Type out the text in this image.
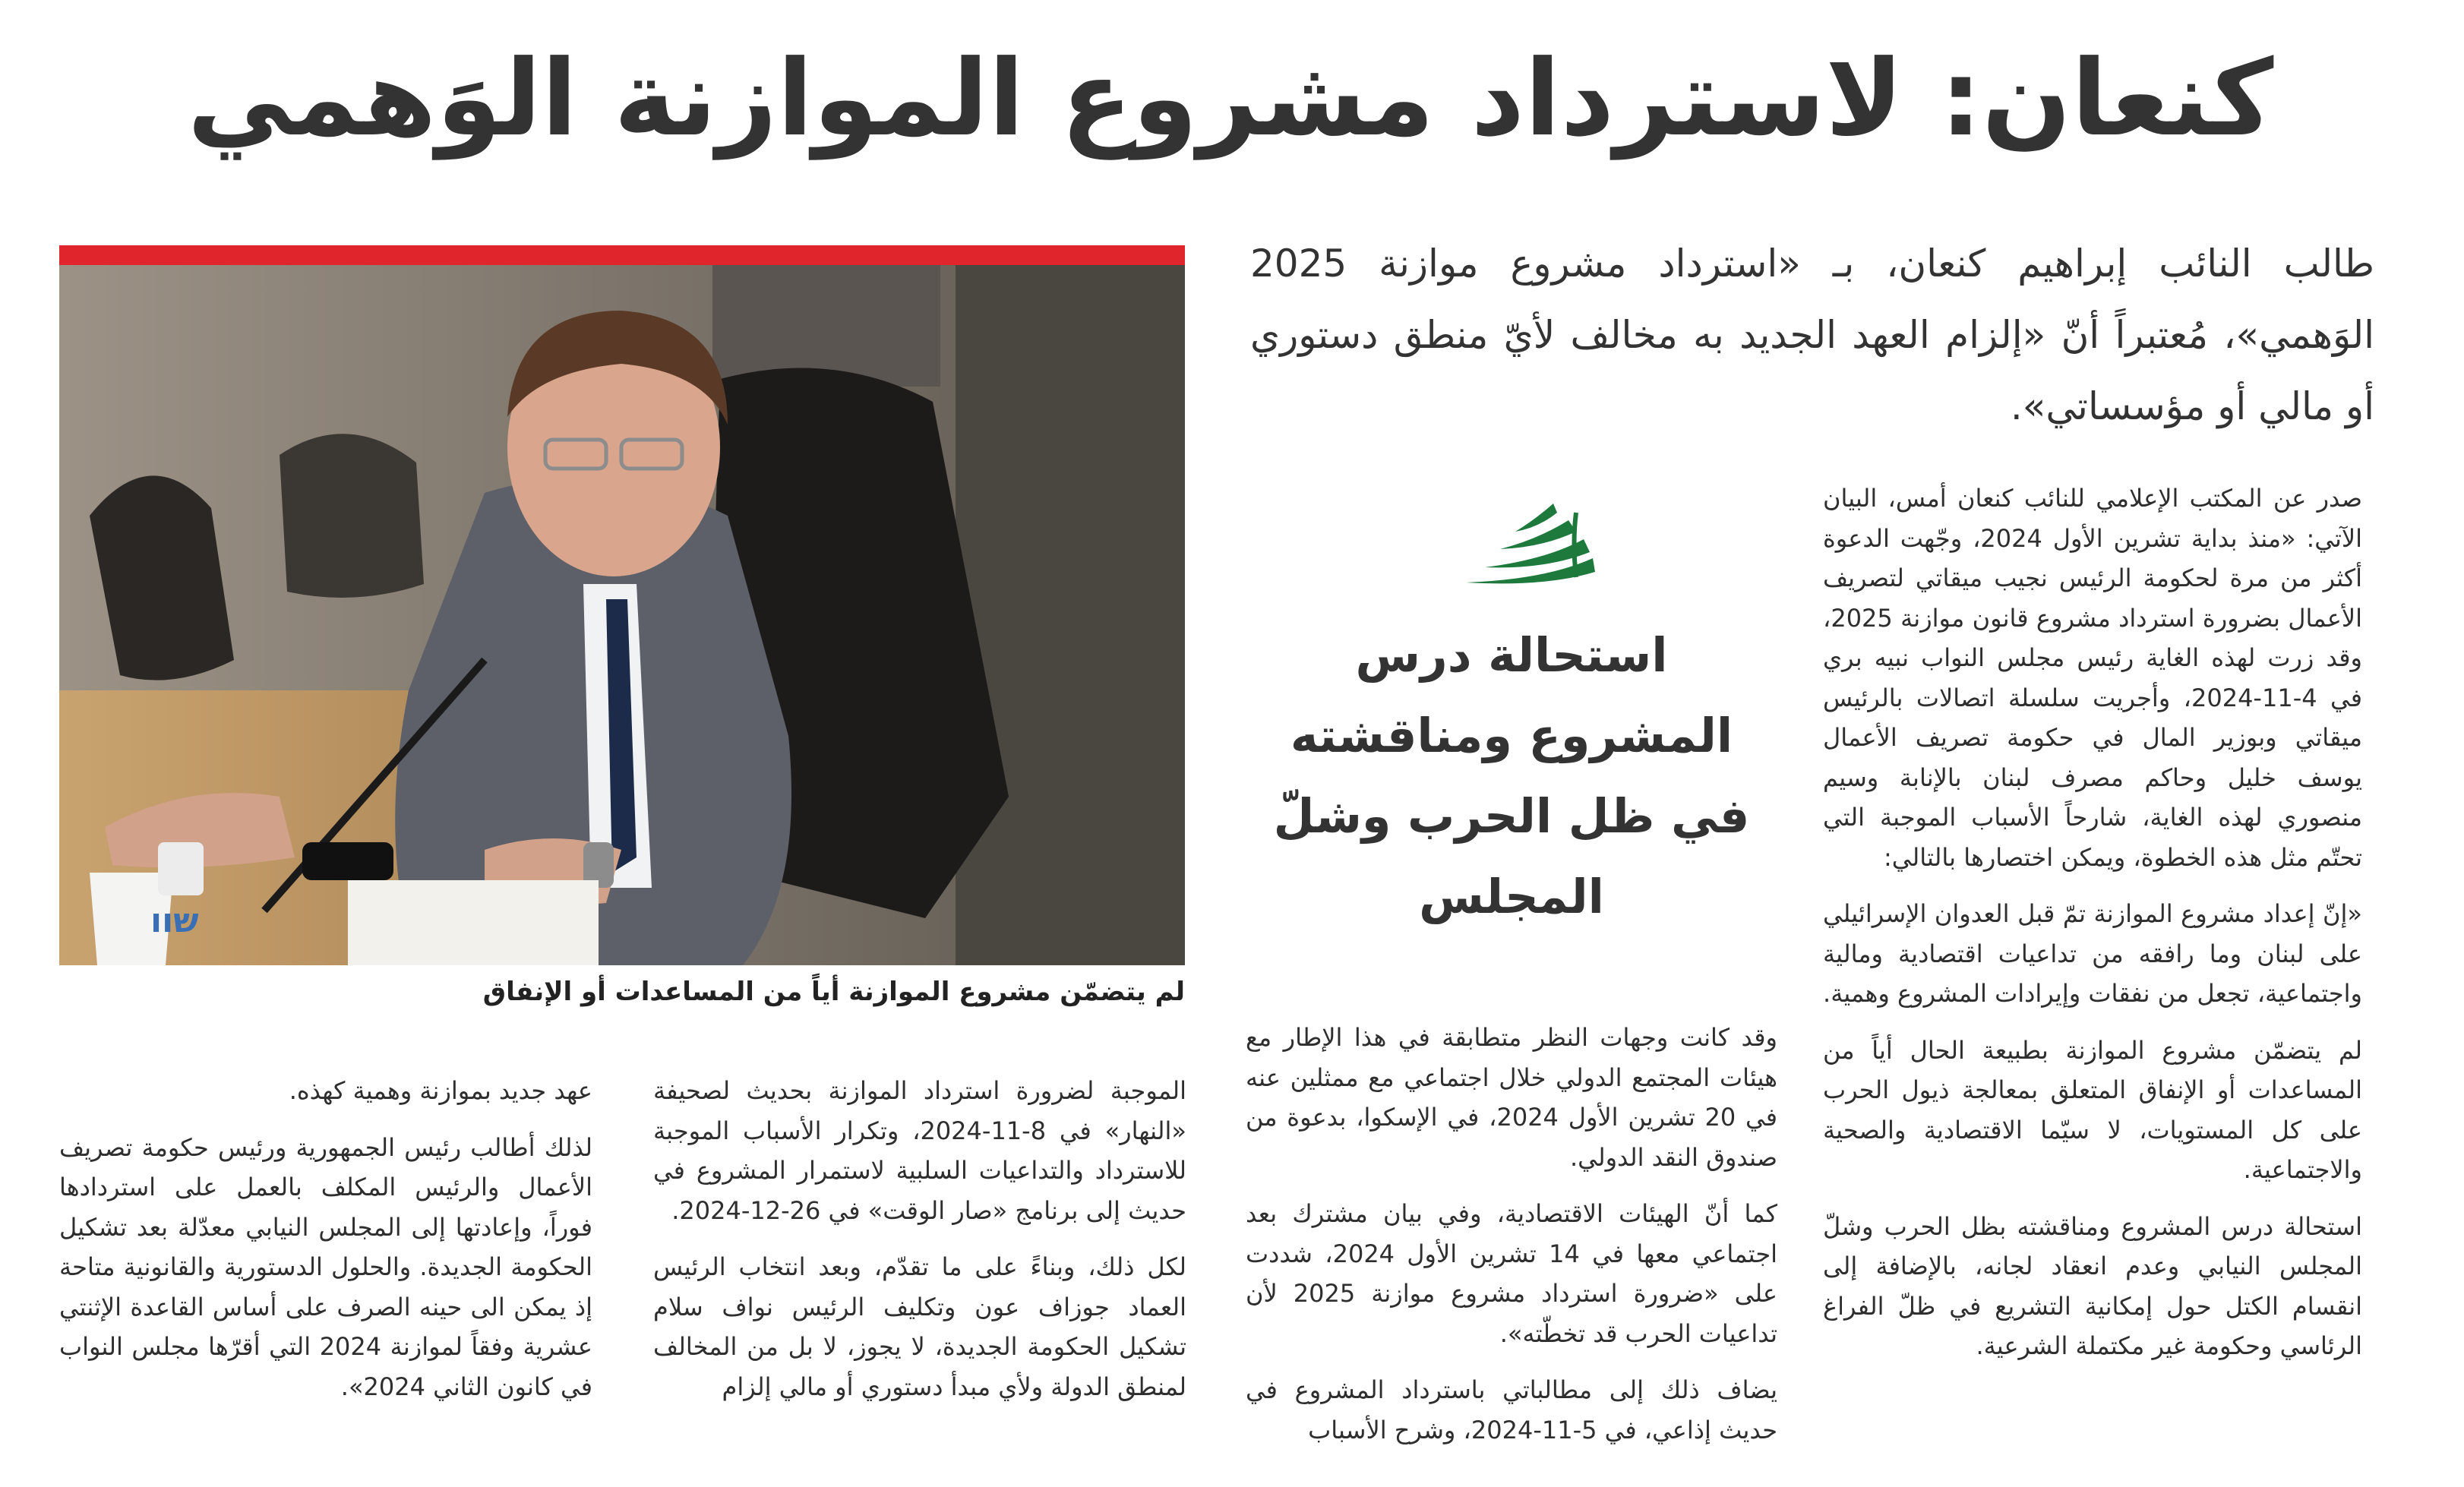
كنعان: لاسترداد مشروع الموازنة الوَهمي
طالب النائب إبراهيم كنعان، بـ «استرداد مشروع موازنة 2025 الوَهمي»، مُعتبراً أنّ «إلزام العهد الجديد به مخالف لأيّ منطق دستوري أو مالي أو مؤسساتي».
שוו
لم يتضمّن مشروع الموازنة أياً من المساعدات أو الإنفاق

صدر عن المكتب الإعلامي للنائب كنعان أمس، البيان الآتي: «منذ بداية تشرين الأول 2024، وجّهت الدعوة أكثر من مرة لحكومة الرئيس نجيب ميقاتي لتصريف الأعمال بضرورة استرداد مشروع قانون موازنة 2025، وقد زرت لهذه الغاية رئيس مجلس النواب نبيه بري في 4-11-2024، وأجريت سلسلة اتصالات بالرئيس ميقاتي وبوزير المال في حكومة تصريف الأعمال يوسف خليل وحاكم مصرف لبنان بالإنابة وسيم منصوري لهذه الغاية، شارحاً الأسباب الموجبة التي تحتّم مثل هذه الخطوة، ويمكن اختصارها بالتالي:

«إنّ إعداد مشروع الموازنة تمّ قبل العدوان الإسرائيلي على لبنان وما رافقه من تداعيات اقتصادية ومالية واجتماعية، تجعل من نفقات وإيرادات المشروع وهمية.

لم يتضمّن مشروع الموازنة بطبيعة الحال أياً من المساعدات أو الإنفاق المتعلق بمعالجة ذيول الحرب على كل المستويات، لا سيّما الاقتصادية والصحية والاجتماعية.

استحالة درس المشروع ومناقشته بظل الحرب وشلّ المجلس النيابي وعدم انعقاد لجانه، بالإضافة إلى انقسام الكتل حول إمكانية التشريع في ظلّ الفراغ الرئاسي وحكومة غير مكتملة الشرعية.

استحالة درس المشروع ومناقشته في ظل الحرب وشلّ المجلس

وقد كانت وجهات النظر متطابقة في هذا الإطار مع هيئات المجتمع الدولي خلال اجتماعي مع ممثلين عنه في 20 تشرين الأول 2024، في الإسكوا، بدعوة من صندوق النقد الدولي.

كما أنّ الهيئات الاقتصادية، وفي بيان مشترك بعد اجتماعي معها في 14 تشرين الأول 2024، شددت على «ضرورة استرداد مشروع موازنة 2025 لأن تداعيات الحرب قد تخطّته».

يضاف ذلك إلى مطالباتي باسترداد المشروع في حديث إذاعي، في 5-11-2024، وشرح الأسباب

الموجبة لضرورة استرداد الموازنة بحديث لصحيفة «النهار» في 8-11-2024، وتكرار الأسباب الموجبة للاسترداد والتداعيات السلبية لاستمرار المشروع في حديث إلى برنامج «صار الوقت» في 26-12-2024.

لكل ذلك، وبناءً على ما تقدّم، وبعد انتخاب الرئيس العماد جوزاف عون وتكليف الرئيس نواف سلام تشكيل الحكومة الجديدة، لا يجوز، لا بل من المخالف لمنطق الدولة ولأي مبدأ دستوري أو مالي إلزام

عهد جديد بموازنة وهمية كهذه.

لذلك أطالب رئيس الجمهورية ورئيس حكومة تصريف الأعمال والرئيس المكلف بالعمل على استردادها فوراً، وإعادتها إلى المجلس النيابي معدّلة بعد تشكيل الحكومة الجديدة. والحلول الدستورية والقانونية متاحة إذ يمكن الى حينه الصرف على أساس القاعدة الإثنتي عشرية وفقاً لموازنة 2024 التي أقرّها مجلس النواب في كانون الثاني 2024».
